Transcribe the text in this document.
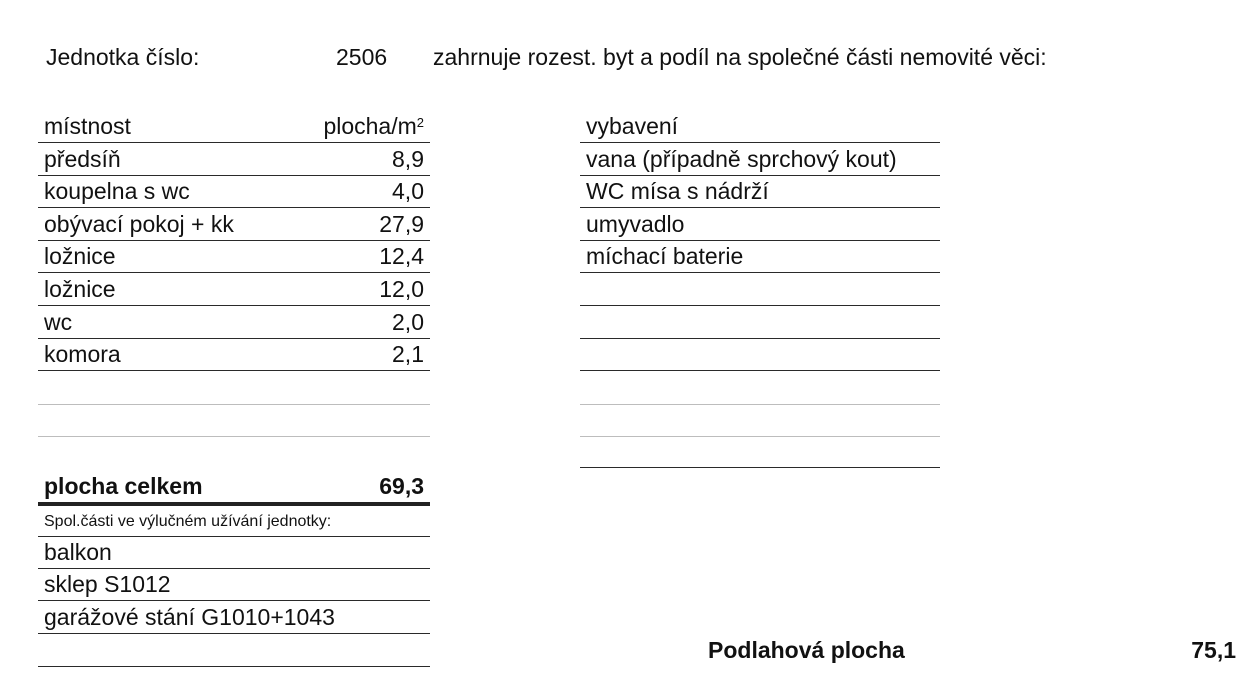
Jednotka číslo:	2506 zahrnuje rozest. byt a podíl na společné části nemovité věci:
místnost	plocha/$m^2$
předsíň	8,9
koupelna s wc	4,0
obývací pokoj + kk	27,9
ložnice	12,4
ložnice	12,0
wc	2,0
komora	2,1
plocha celkem	69,3
Spol.části ve výlučném užívání jednotky:
balkon
sklep S1012
garážové stání G1010+1043
vybavení
vana (případně sprchový kout)
WC mísa s nádrží
umyvadlo
míchací baterie
Podlahová plocha	75,1
